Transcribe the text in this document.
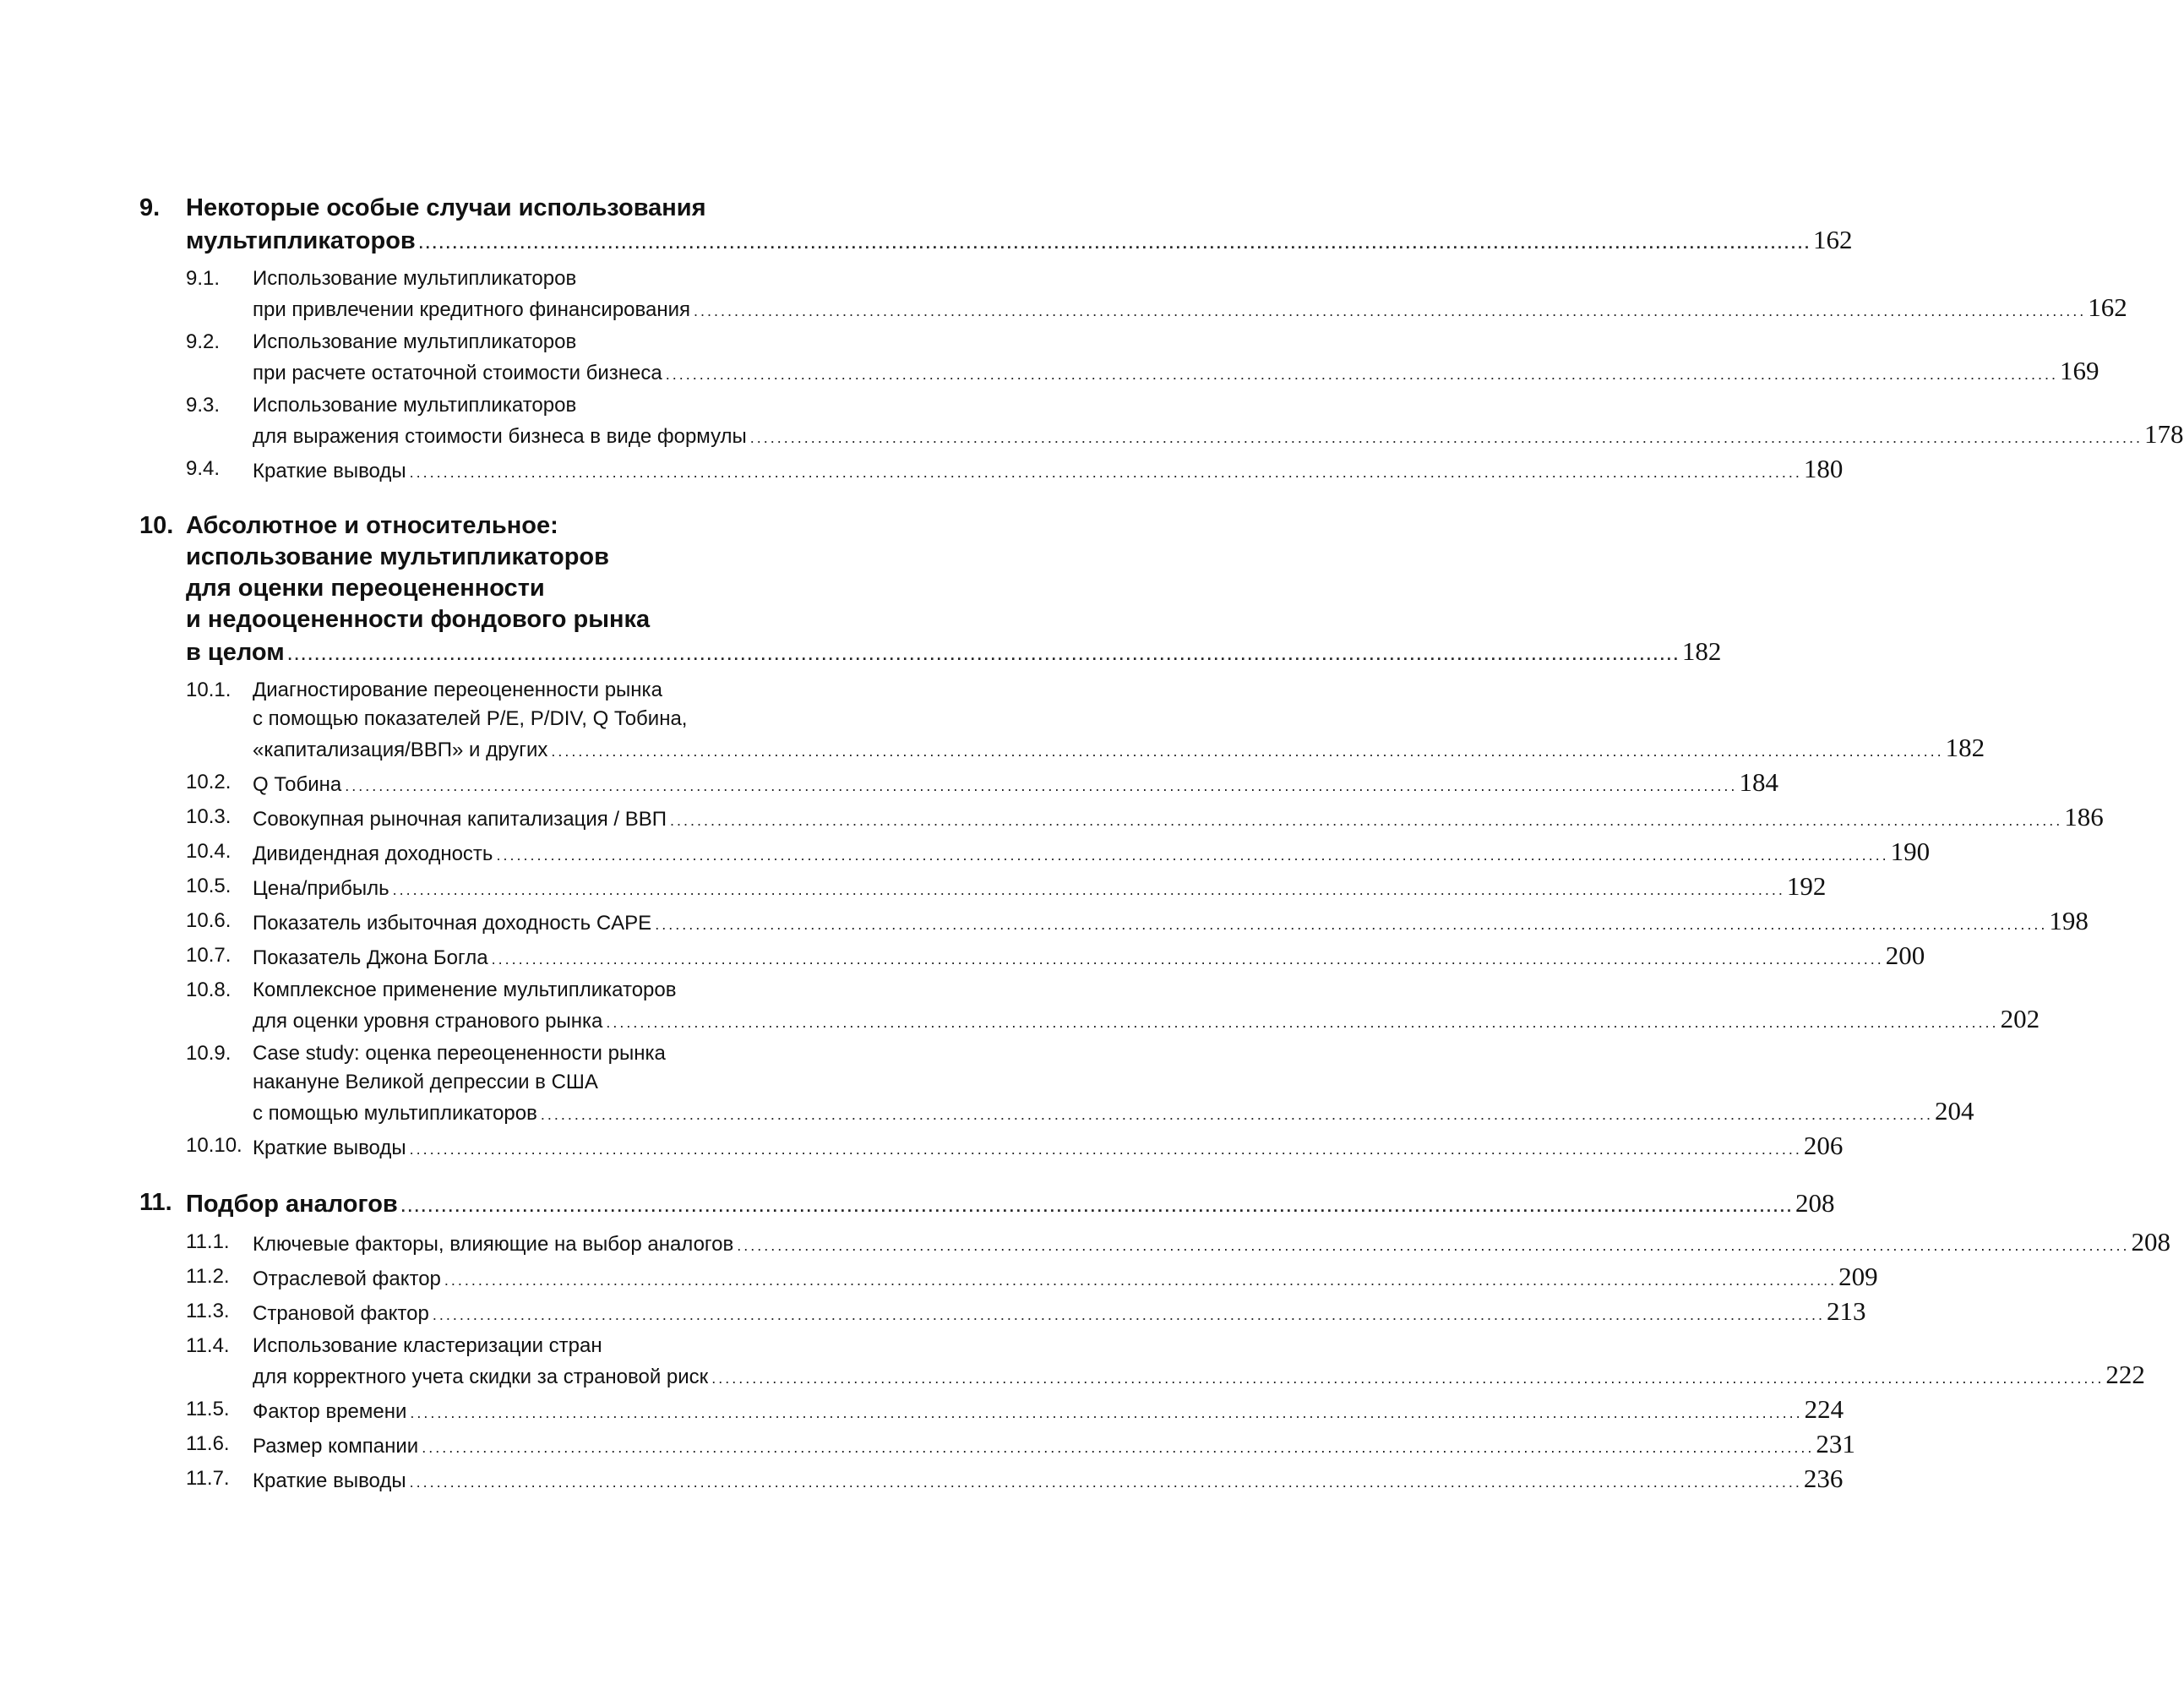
9.	Некоторые особые случаи использования
мультипликаторов .....	162
9.1.	Использование мультипликаторов
при привлечении кредитного финансирования .....	162
9.2.	Использование мультипликаторов
при расчете остаточной стоимости бизнеса .....	169
9.3.	Использование мультипликаторов
для выражения стоимости бизнеса в виде формулы .....	178
9.4.	Краткие выводы .....	180
10. Абсолютное и относительное:
использование мультипликаторов
для оценки переоцененности
и недооцененности фондового рынка
в целом .....	182
10.1.	Диагностирование переоцененности рынка
с помощью показателей P/E, P/DIV, Q Тобина,
«капитализация/ВВП» и других .....	182
10.2.	Q Тобина .....	184
10.3.	Совокупная рыночная капитализация / ВВП .....	186
10.4.	Дивидендная доходность .....	190
10.5.	Цена/прибыль .....	192
10.6.	Показатель избыточная доходность CAPE .....	198
10.7.	Показатель Джона Богла .....	200
10.8.	Комплексное применение мультипликаторов
для оценки уровня странового рынка .....	202
10.9.	Case study: оценка переоцененности рынка
накануне Великой депрессии в США
с помощью мультипликаторов .....	204
10.10. Краткие выводы .....	206
11. Подбор аналогов .....	208
11.1.	Ключевые факторы, влияющие на выбор аналогов .....	208
11.2.	Отраслевой фактор .....	209
11.3.	Страновой фактор .....	213
11.4.	Использование кластеризации стран
для корректного учета скидки за страновой риск .....	222
11.5.	Фактор времени .....	224
11.6.	Размер компании .....	231
11.7.	Краткие выводы .....	236
